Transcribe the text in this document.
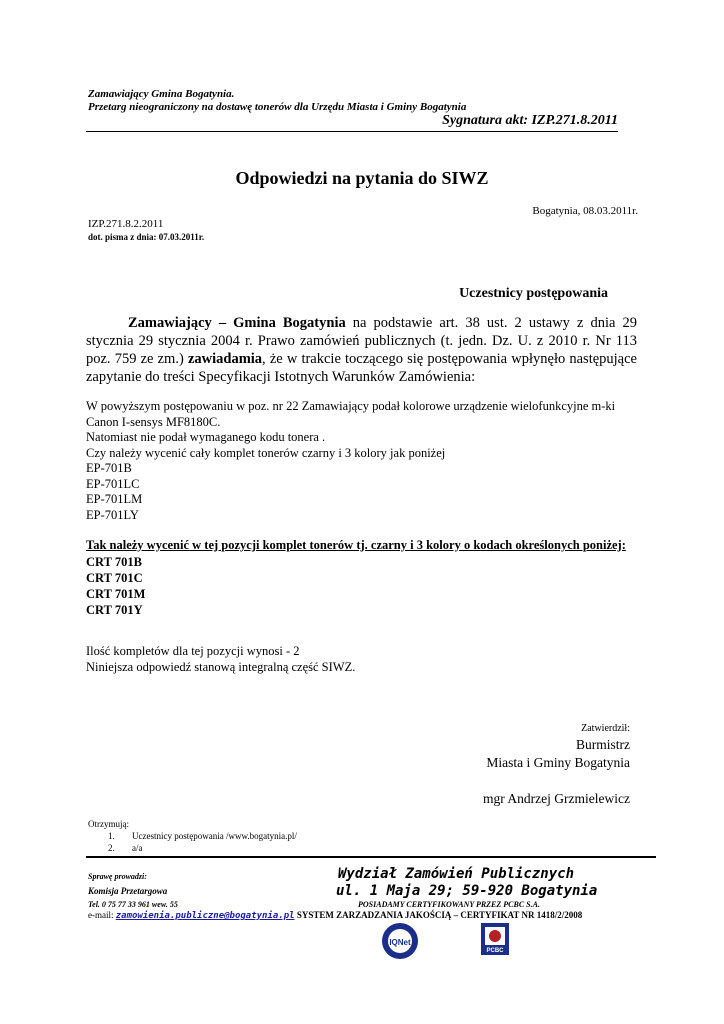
Zamawiający Gmina Bogatynia.
Przetarg nieograniczony na dostawę tonerów dla Urzędu Miasta i Gminy Bogatynia
Sygnatura akt: IZP.271.8.2011
Odpowiedzi na pytania do SIWZ
Bogatynia, 08.03.2011r.
IZP.271.8.2.2011
dot. pisma z dnia: 07.03.2011r.
Uczestnicy postępowania
Zamawiający – Gmina Bogatynia na podstawie art. 38 ust. 2 ustawy z dnia 29 stycznia 29 stycznia 2004 r. Prawo zamówień publicznych (t. jedn. Dz. U. z 2010 r. Nr 113 poz. 759 ze zm.) zawiadamia, że w trakcie toczącego się postępowania wpłynęło następujące zapytanie do treści Specyfikacji Istotnych Warunków Zamówienia:
W powyższym postępowaniu w poz. nr 22 Zamawiający podał kolorowe urządzenie wielofunkcyjne m-ki Canon I-sensys MF8180C.
Natomiast nie podał wymaganego kodu tonera .
Czy należy wycenić cały komplet tonerów czarny i 3 kolory jak poniżej
EP-701B
EP-701LC
EP-701LM
EP-701LY
Tak należy wycenić w tej pozycji komplet tonerów tj. czarny i 3 kolory o kodach określonych poniżej:
CRT 701B
CRT 701C
CRT 701M
CRT 701Y
Ilość kompletów dla tej pozycji wynosi - 2
Niniejsza odpowiedź stanową integralną część SIWZ.
Zatwierdził:
Burmistrz
Miasta i Gminy Bogatynia
mgr Andrzej Grzmielewicz
Otrzymują:
1. Uczestnicy postępowania /www.bogatynia.pl/
2. a/a
Sprawę prowadzi:
Komisja Przetargowa
Tel. 0 75 77 33 961 wew. 55
Wydział Zamówień Publicznych
ul. 1 Maja 29; 59-920 Bogatynia
POSIADAMY CERTYFIKOWANY PRZEZ PCBC S.A.
e-mail: zamowienia.publiczne@bogatynia.pl SYSTEM ZARZADZANIA JAKOŚCIĄ – CERTYFIKAT NR 1418/2/2008
IQNet
PCBC
